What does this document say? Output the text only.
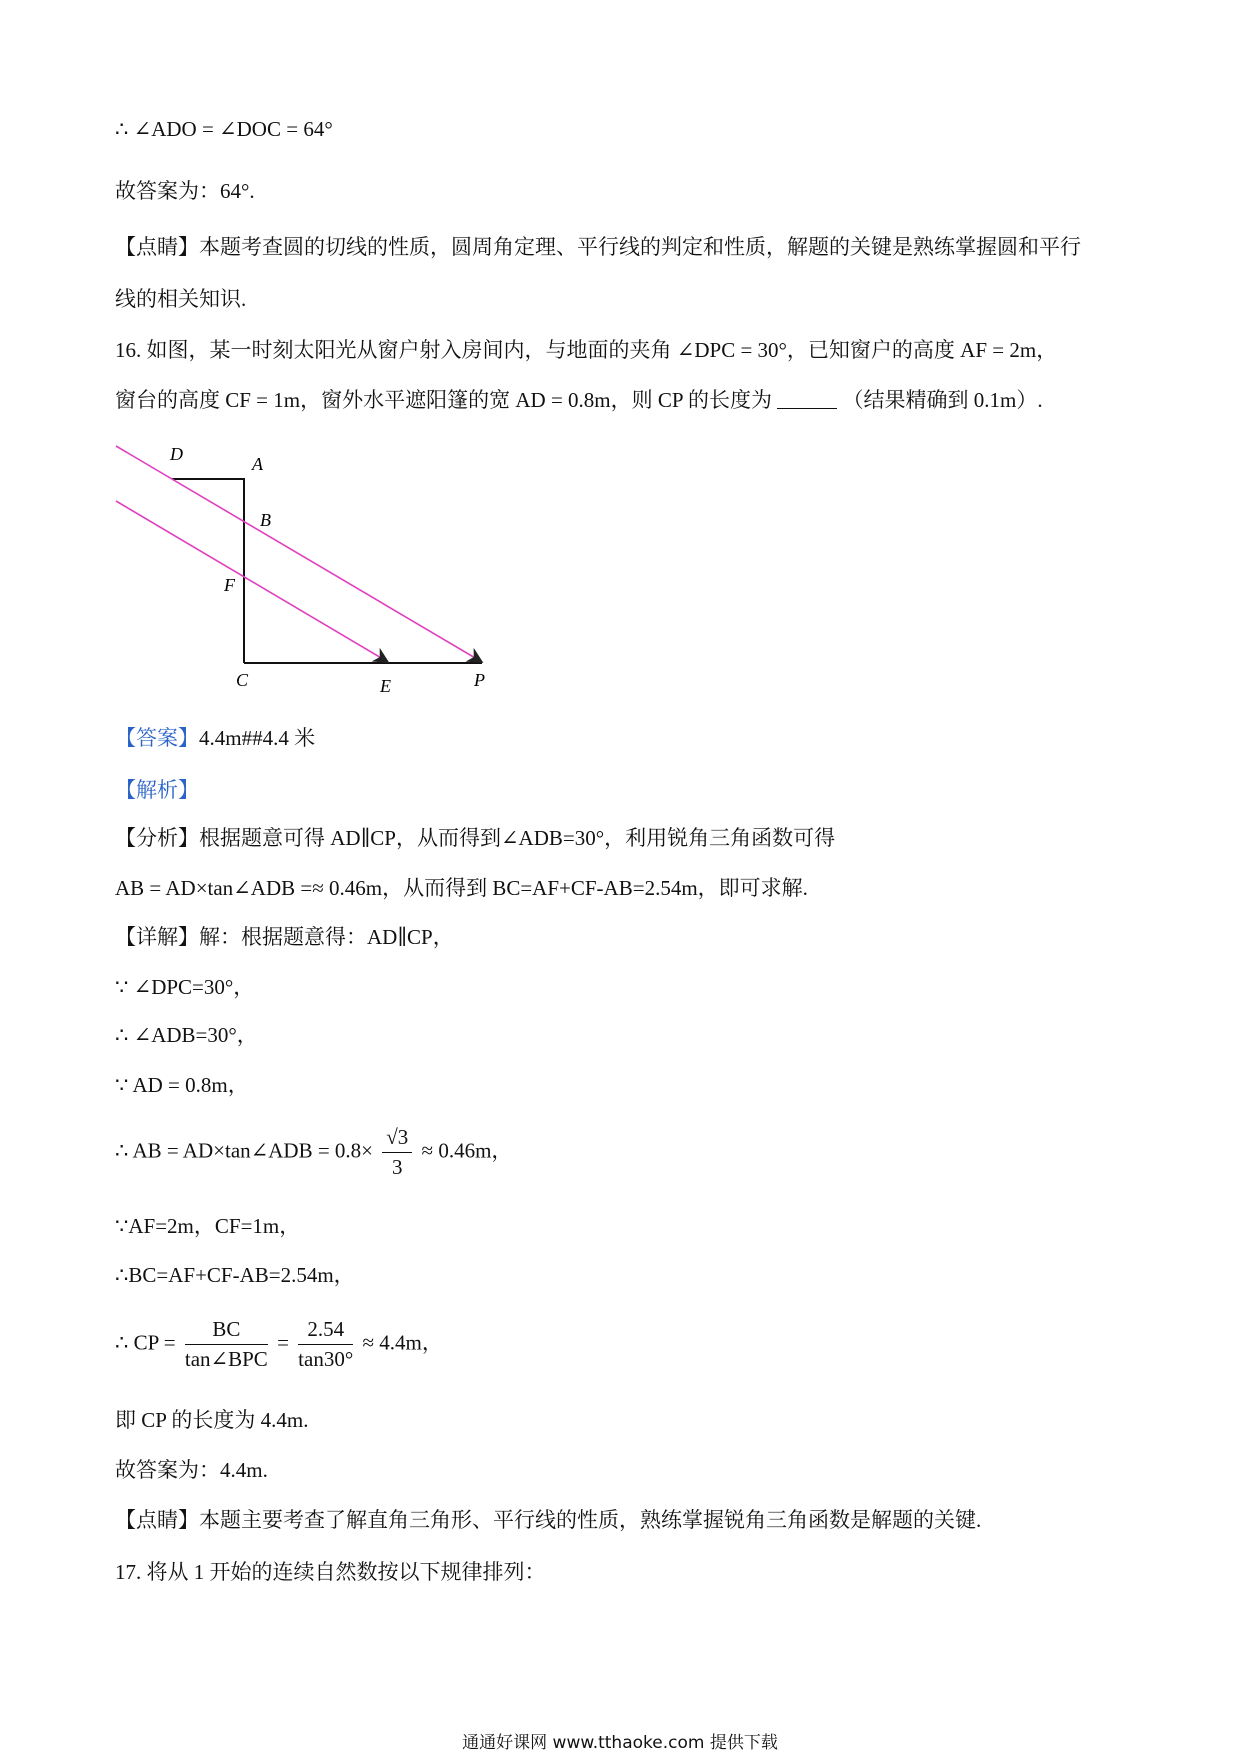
∴ ∠ADO = ∠DOC = 64°
故答案为：64°.
【点睛】本题考查圆的切线的性质，圆周角定理、平行线的判定和性质，解题的关键是熟练掌握圆和平行
线的相关知识.
16. 如图，某一时刻太阳光从窗户射入房间内，与地面的夹角 ∠DPC = 30°，已知窗户的高度 AF = 2m，
窗台的高度 CF = 1m，窗外水平遮阳篷的宽 AD = 0.8m，则 CP 的长度为	（结果精确到 0.1m）.
D	A
B
F
C	E	P
【答案】4.4m##4.4 米
【解析】
【分析】根据题意可得 AD∥CP，从而得到∠ADB=30°，利用锐角三角函数可得
AB = AD×tan∠ADB =≈ 0.46m，从而得到 BC=AF+CF-AB=2.54m，即可求解.
【详解】解：根据题意得：AD∥CP，
∵ ∠DPC=30°，
∴ ∠ADB=30°，
∵ AD = 0.8m，
∴ AB = AD×tan∠ADB = $0.8\times \frac{√3}{3} \approx 0.46m$，
∵AF=2m，CF=1m，
∴BC=AF+CF-AB=2.54m，
∴ CP = $\frac{BC}{\text{tan∠BPC}} = \frac{2.54}{\tan 30^\circ} \approx 4.4m$，
即 CP 的长度为 4.4m.
故答案为：4.4m.
【点睛】本题主要考查了解直角三角形、平行线的性质，熟练掌握锐角三角函数是解题的关键.
17. 将从 1 开始的连续自然数按以下规律排列：
通通好课网 www.tthaoke.com 提供下载
